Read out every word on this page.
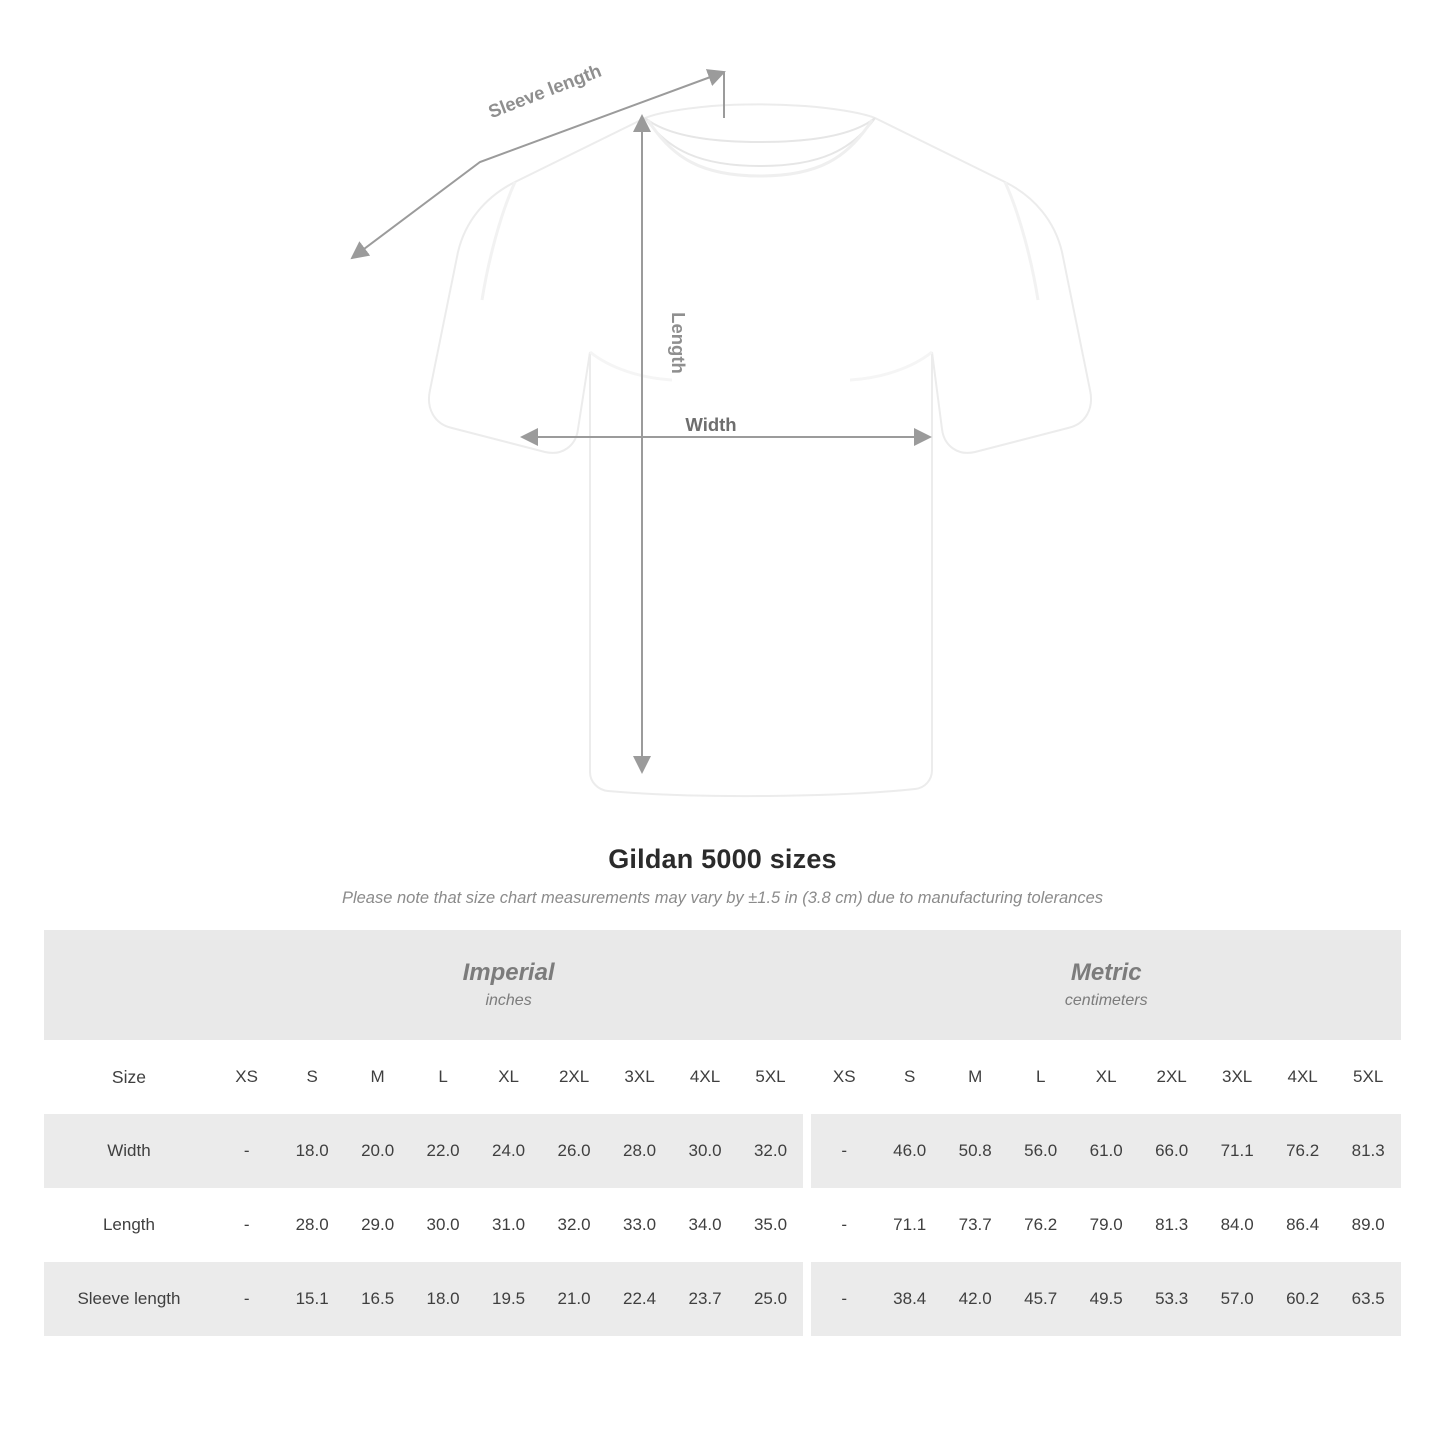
Sleeve length
Length
Width
Gildan 5000 sizes
Please note that size chart measurements may vary by ±1.5 in (3.8 cm) due to manufacturing tolerances

Imperial
inches

Metric
centimeters

Size	XS	S	M	L	XL	2XL	3XL	4XL	5XL		XS	S	M	L	XL	2XL	3XL	4XL	5XL
Width	-	18.0	20.0	22.0	24.0	26.0	28.0	30.0	32.0		-	46.0	50.8	56.0	61.0	66.0	71.1	76.2	81.3
Length	-	28.0	29.0	30.0	31.0	32.0	33.0	34.0	35.0		-	71.1	73.7	76.2	79.0	81.3	84.0	86.4	89.0
Sleeve length	-	15.1	16.5	18.0	19.5	21.0	22.4	23.7	25.0		-	38.4	42.0	45.7	49.5	53.3	57.0	60.2	63.5
